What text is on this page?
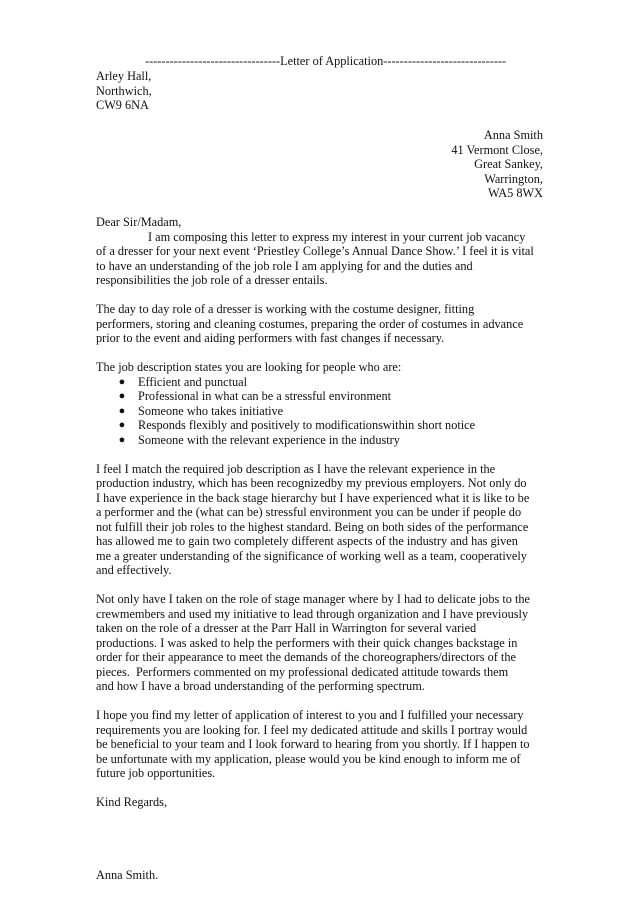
---------------------------------Letter of Application------------------------------
Arley Hall,
Northwich,
CW9 6NA
Anna Smith
41 Vermont Close,
Great Sankey,
Warrington,
WA5 8WX
Dear Sir/Madam,
I am composing this letter to express my interest in your current job vacancy
of a dresser for your next event ‘Priestley College’s Annual Dance Show.’ I feel it is vital
to have an understanding of the job role I am applying for and the duties and
responsibilities the job role of a dresser entails.
The day to day role of a dresser is working with the costume designer, fitting
performers, storing and cleaning costumes, preparing the order of costumes in advance
prior to the event and aiding performers with fast changes if necessary.
The job description states you are looking for people who are:
● Efficient and punctual
● Professional in what can be a stressful environment
● Someone who takes initiative
● Responds flexibly and positively to modificationswithin short notice
● Someone with the relevant experience in the industry
I feel I match the required job description as I have the relevant experience in the
production industry, which has been recognizedby my previous employers. Not only do
I have experience in the back stage hierarchy but I have experienced what it is like to be
a performer and the (what can be) stressful environment you can be under if people do
not fulfill their job roles to the highest standard. Being on both sides of the performance
has allowed me to gain two completely different aspects of the industry and has given
me a greater understanding of the significance of working well as a team, cooperatively
and effectively.
Not only have I taken on the role of stage manager where by I had to delicate jobs to the
crewmembers and used my initiative to lead through organization and I have previously
taken on the role of a dresser at the Parr Hall in Warrington for several varied
productions. I was asked to help the performers with their quick changes backstage in
order for their appearance to meet the demands of the choreographers/directors of the
pieces.  Performers commented on my professional dedicated attitude towards them
and how I have a broad understanding of the performing spectrum.
I hope you find my letter of application of interest to you and I fulfilled your necessary
requirements you are looking for. I feel my dedicated attitude and skills I portray would
be beneficial to your team and I look forward to hearing from you shortly. If I happen to
be unfortunate with my application, please would you be kind enough to inform me of
future job opportunities.
Kind Regards,
Anna Smith.
